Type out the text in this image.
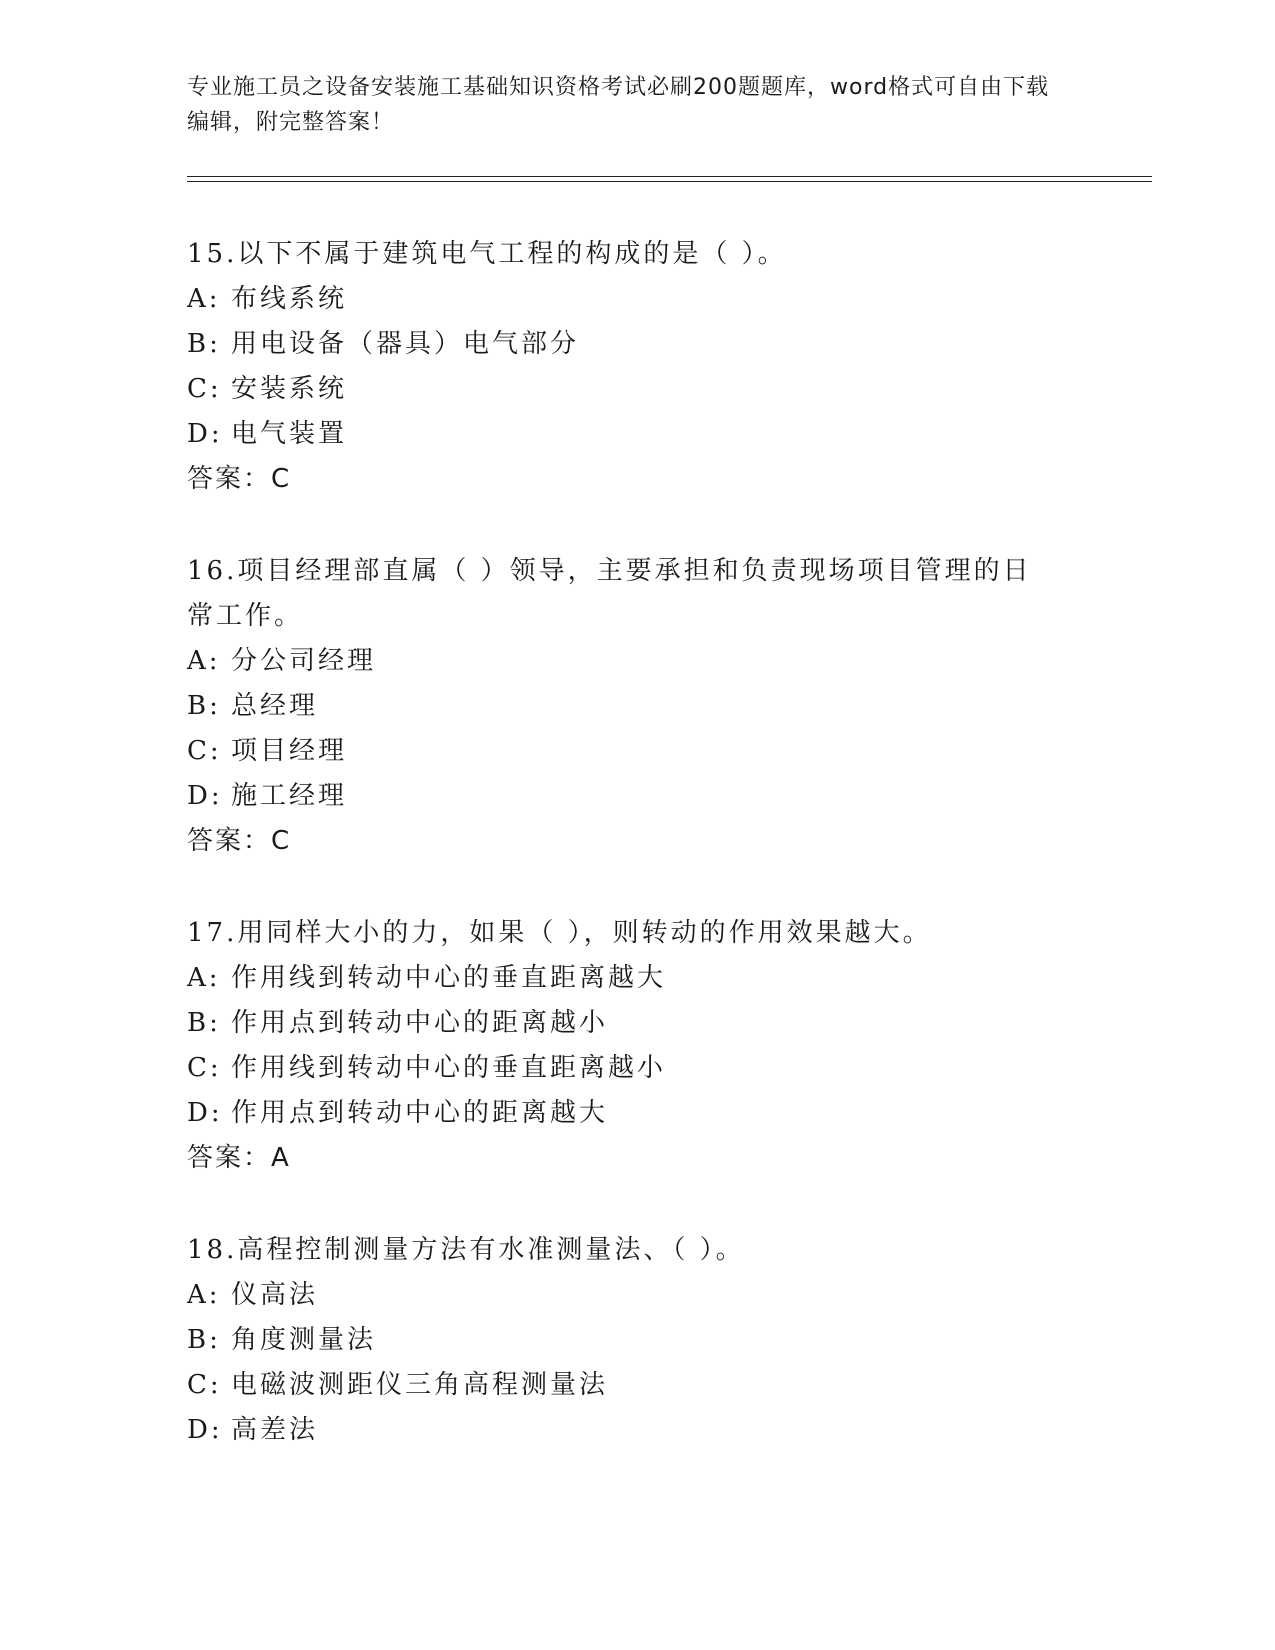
专业施工员之设备安装施工基础知识资格考试必刷200题题库，word格式可自由下载编辑，附完整答案！

15.以下不属于建筑电气工程的构成的是（ ）。

A: 布线系统

B: 用电设备（器具）电气部分

C: 安装系统

D: 电气装置

答案：C

16.项目经理部直属（ ）领导，主要承担和负责现场项目管理的日常工作。

A: 分公司经理

B: 总经理

C: 项目经理

D: 施工经理

答案：C

17.用同样大小的力，如果（ ），则转动的作用效果越大。

A: 作用线到转动中心的垂直距离越大

B: 作用点到转动中心的距离越小

C: 作用线到转动中心的垂直距离越小

D: 作用点到转动中心的距离越大

答案：A

18.高程控制测量方法有水准测量法、（ ）。

A: 仪高法

B: 角度测量法

C: 电磁波测距仪三角高程测量法

D: 高差法
